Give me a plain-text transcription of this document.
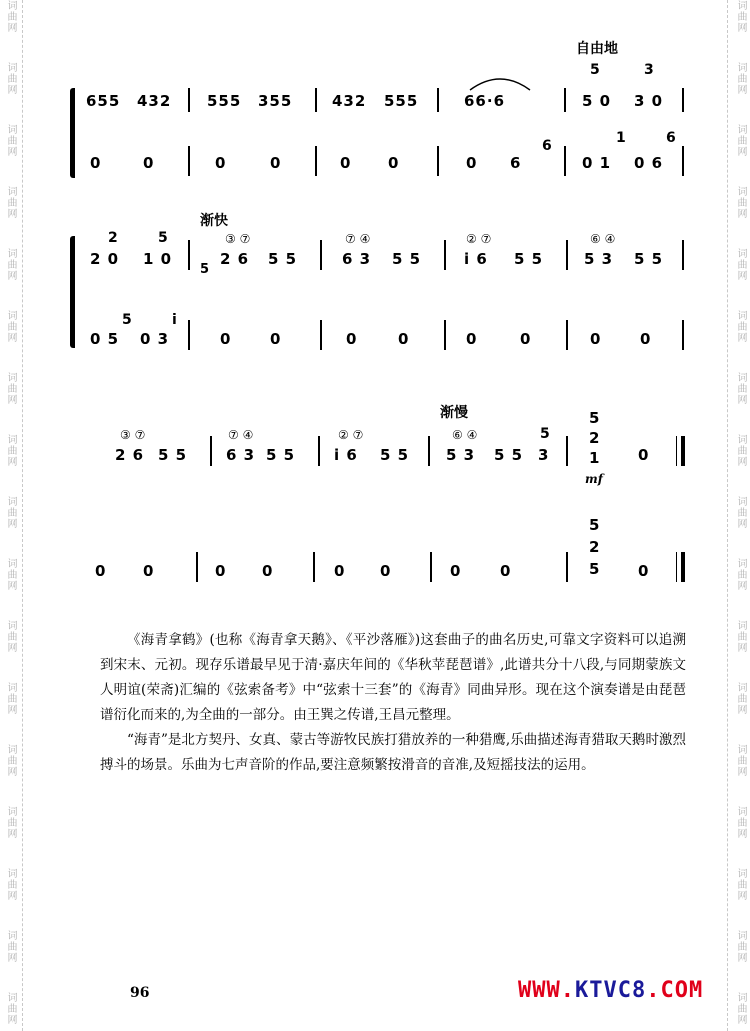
词曲网
词曲网
词曲网
词曲网
词曲网
词曲网
词曲网
词曲网
词曲网
词曲网
词曲网
词曲网
词曲网
词曲网
词曲网
词曲网
词曲网
词曲网
词曲网
词曲网
词曲网
词曲网
词曲网
词曲网
词曲网
词曲网
词曲网
词曲网
词曲网
词曲网
词曲网
词曲网
词曲网
词曲网
自由地
655 432 555 355	432 555	66·6
5	3
5 0 3 0
0	0	0	0	0 0	0 6
6
0 1
1
0 6
6
渐快
2	5
2 0 1 0
5
③ ⑦
2 6 5 5
⑦ ④
6 3 5 5
② ⑦
i 6 5 5
⑥ ④
5 3 5 5
0 5
5
0 3
i
0	0	0	0	0	0	0	0
渐慢
③ ⑦
2 6 5 5
⑦ ④
6 3 5 5
② ⑦
i 6 5 5
⑥ ④
5 3 5 5 3
5
5
2
1
mf
0
0 0	0 0	0 0	0	0
5
2
5	0

《海青拿鹤》(也称《海青拿天鹅》、《平沙落雁》)这套曲子的曲名历史,可靠文字资料可以追溯到宋末、元初。现存乐谱最早见于清·嘉庆年间的《华秋苹琵琶谱》,此谱共分十八段,与同期蒙族文人明谊(荣斋)汇编的《弦索备考》中“弦索十三套”的《海青》同曲异形。现在这个演奏谱是由琵琶谱衍化而来的,为全曲的一部分。由王巽之传谱,王昌元整理。

“海青”是北方契丹、女真、蒙古等游牧民族打猎放养的一种猎鹰,乐曲描述海青猎取天鹅时激烈搏斗的场景。乐曲为七声音阶的作品,要注意频繁按滑音的音准,及短摇技法的运用。

96	WWW.KTVC8.COM
